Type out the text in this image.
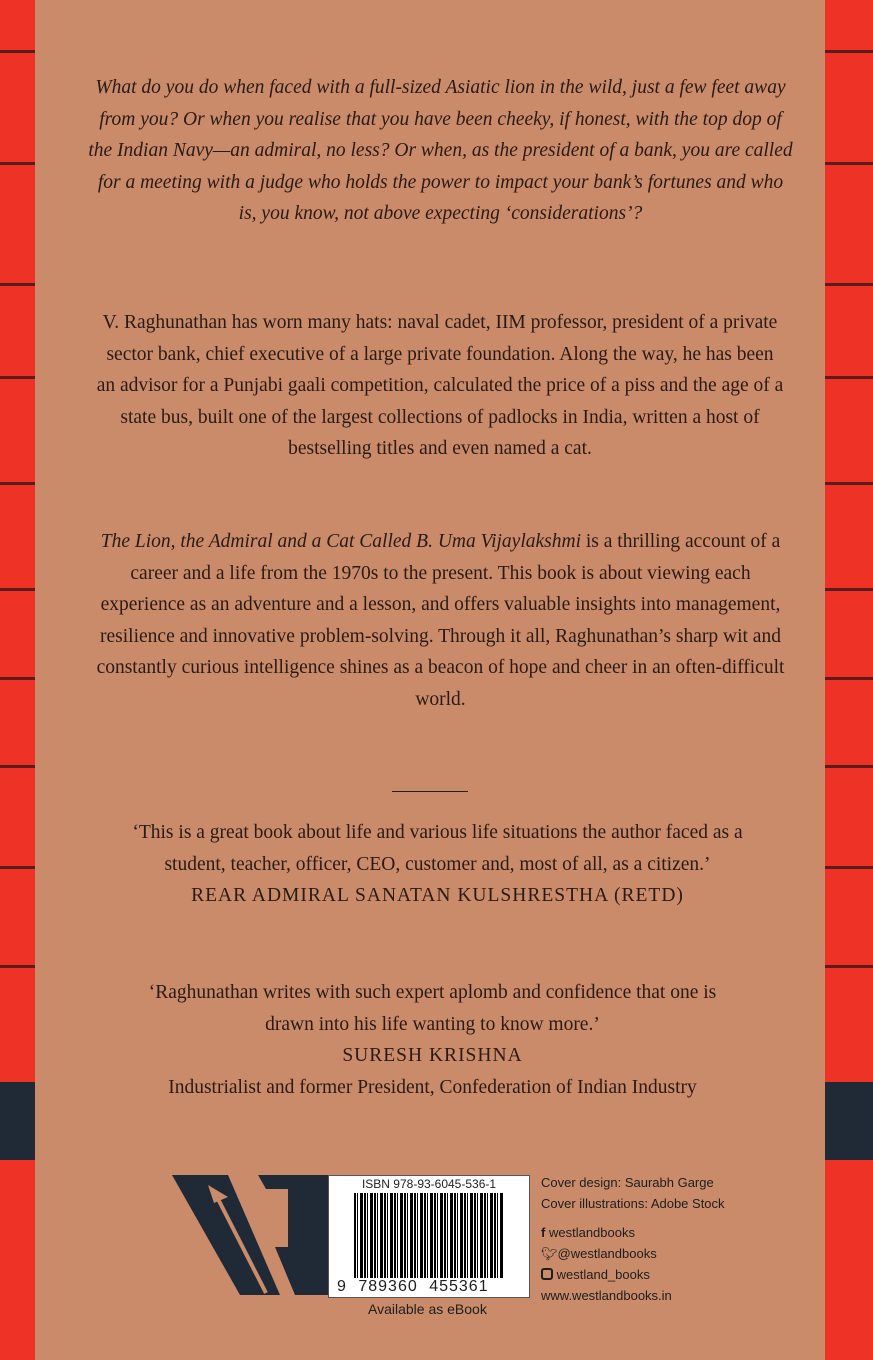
What do you do when faced with a full-sized Asiatic lion in the wild, just a few feet away from you? Or when you realise that you have been cheeky, if honest, with the top dop of the Indian Navy—an admiral, no less? Or when, as the president of a bank, you are called for a meeting with a judge who holds the power to impact your bank’s fortunes and who is, you know, not above expecting ‘considerations’?
V. Raghunathan has worn many hats: naval cadet, IIM professor, president of a private sector bank, chief executive of a large private foundation. Along the way, he has been an advisor for a Punjabi gaali competition, calculated the price of a piss and the age of a state bus, built one of the largest collections of padlocks in India, written a host of bestselling titles and even named a cat.
The Lion, the Admiral and a Cat Called B. Uma Vijaylakshmi is a thrilling account of a career and a life from the 1970s to the present. This book is about viewing each experience as an adventure and a lesson, and offers valuable insights into management, resilience and innovative problem-solving. Through it all, Raghunathan’s sharp wit and constantly curious intelligence shines as a beacon of hope and cheer in an often-difficult world.
‘This is a great book about life and various life situations the author faced as a student, teacher, officer, CEO, customer and, most of all, as a citizen.’
REAR ADMIRAL SANATAN KULSHRESTHA (RETD)
‘Raghunathan writes with such expert aplomb and confidence that one is drawn into his life wanting to know more.’
SURESH KRISHNA
Industrialist and former President, Confederation of Indian Industry
ISBN 978-93-6045-536-1
9 789360 455361
Available as eBook
Cover design: Saurabh Garge
Cover illustrations: Adobe Stock
f westlandbooks
🐦︎@westlandbooks
westland_books
www.westlandbooks.in
